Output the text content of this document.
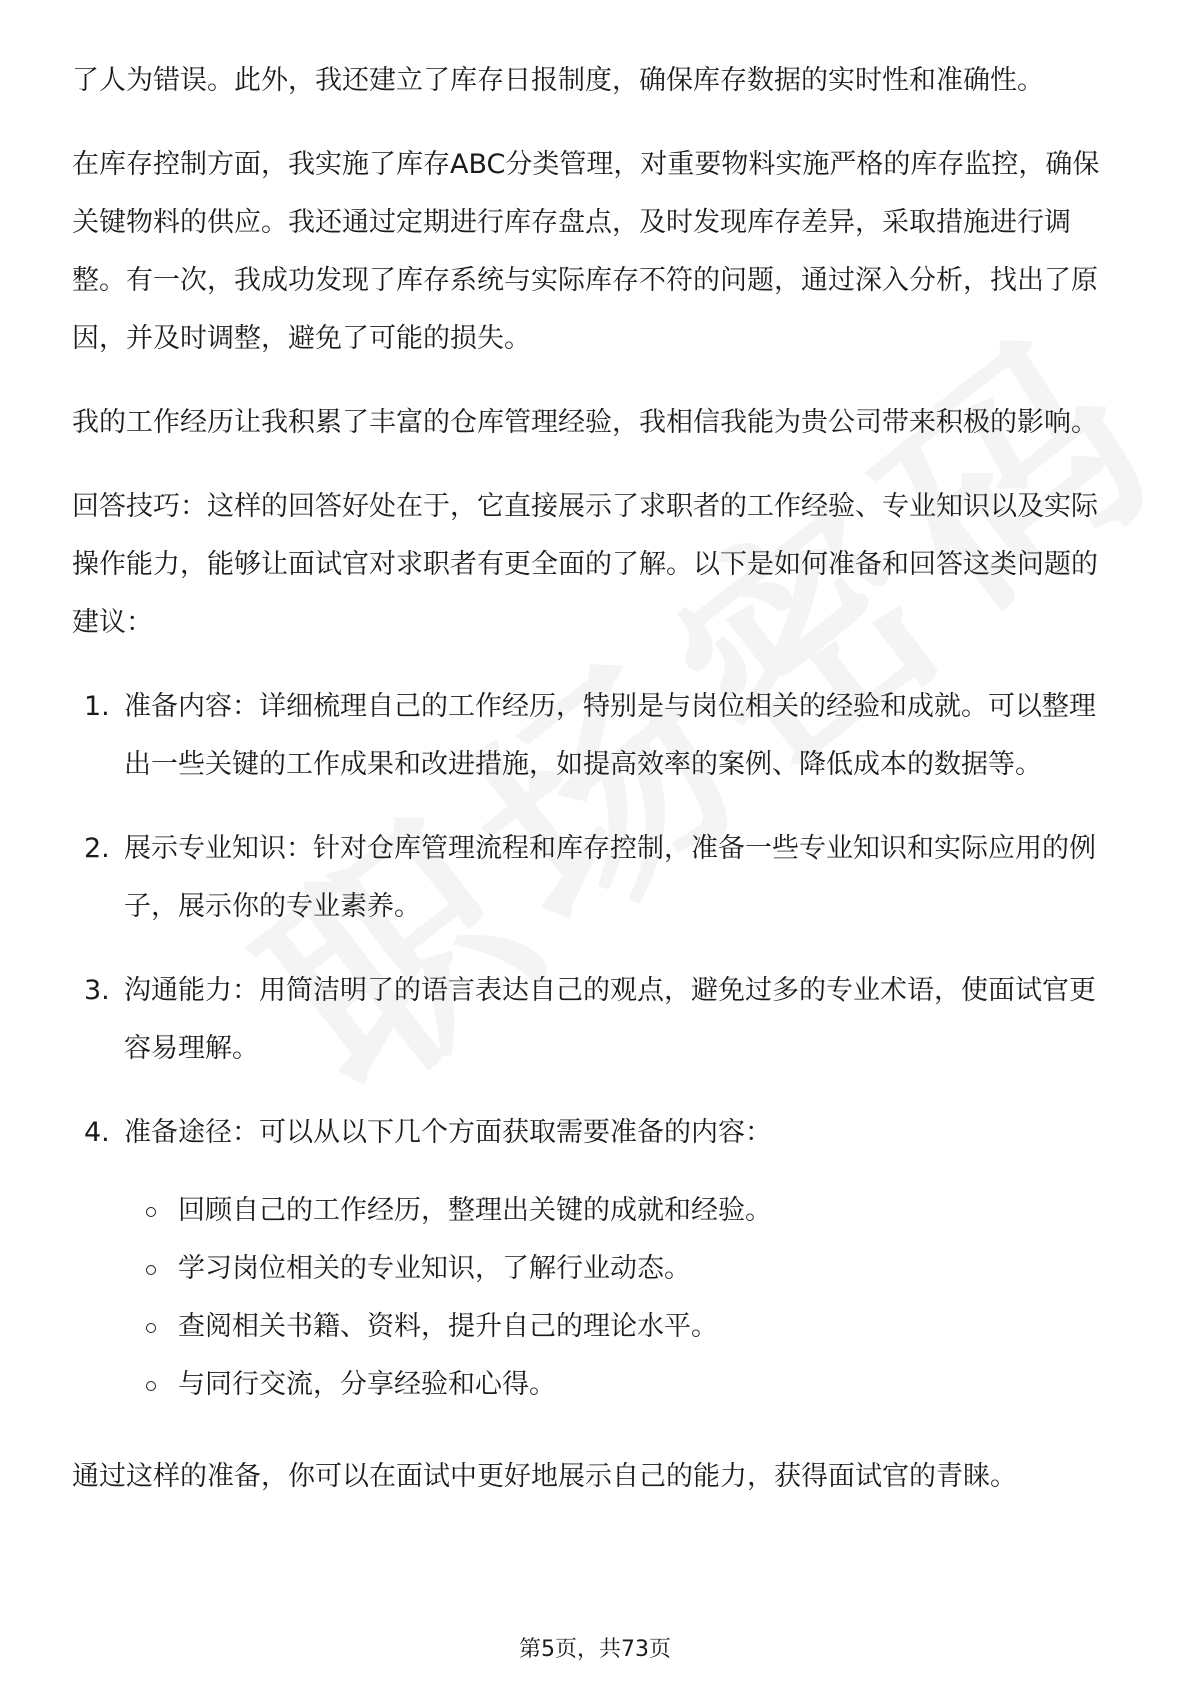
了人为错误。此外，我还建立了库存日报制度，确保库存数据的实时性和准确性。

在库存控制方面，我实施了库存ABC分类管理，对重要物料实施严格的库存监控，确保关键物料的供应。我还通过定期进行库存盘点，及时发现库存差异，采取措施进行调整。有一次，我成功发现了库存系统与实际库存不符的问题，通过深入分析，找出了原因，并及时调整，避免了可能的损失。

我的工作经历让我积累了丰富的仓库管理经验，我相信我能为贵公司带来积极的影响。

回答技巧：这样的回答好处在于，它直接展示了求职者的工作经验、专业知识以及实际操作能力，能够让面试官对求职者有更全面的了解。以下是如何准备和回答这类问题的建议：

1. 准备内容：详细梳理自己的工作经历，特别是与岗位相关的经验和成就。可以整理出一些关键的工作成果和改进措施，如提高效率的案例、降低成本的数据等。
2. 展示专业知识：针对仓库管理流程和库存控制，准备一些专业知识和实际应用的例子，展示你的专业素养。
3. 沟通能力：用简洁明了的语言表达自己的观点，避免过多的专业术语，使面试官更容易理解。
4. 准备途径：可以从以下几个方面获取需要准备的内容：
回顾自己的工作经历，整理出关键的成就和经验。
学习岗位相关的专业知识，了解行业动态。
查阅相关书籍、资料，提升自己的理论水平。
与同行交流，分享经验和心得。

通过这样的准备，你可以在面试中更好地展示自己的能力，获得面试官的青睐。

第5页，共73页
